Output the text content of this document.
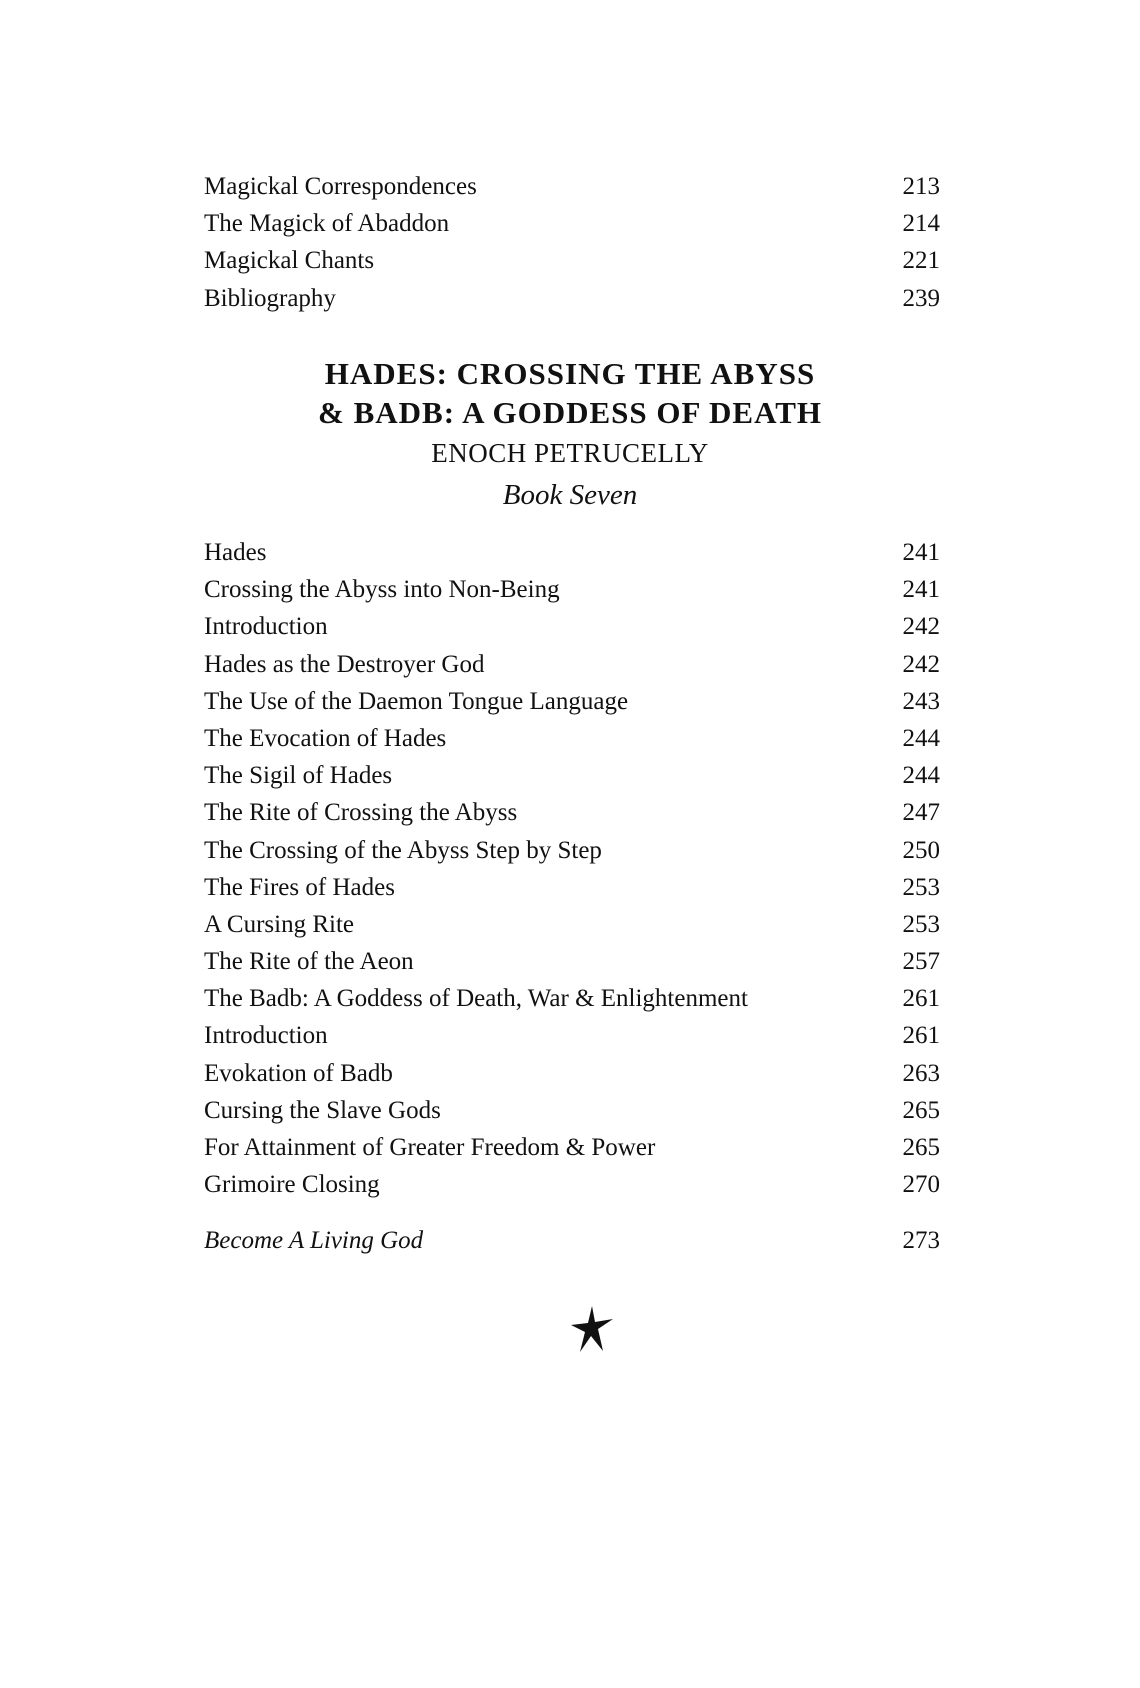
Magickal Correspondences	213
The Magick of Abaddon	214
Magickal Chants	221
Bibliography	239
HADES: CROSSING THE ABYSS
& BADB: A GODDESS OF DEATH
ENOCH PETRUCELLY
Book Seven
Hades	241
Crossing the Abyss into Non-Being	241
Introduction	242
Hades as the Destroyer God	242
The Use of the Daemon Tongue Language	243
The Evocation of Hades	244
The Sigil of Hades	244
The Rite of Crossing the Abyss	247
The Crossing of the Abyss Step by Step	250
The Fires of Hades	253
A Cursing Rite	253
The Rite of the Aeon	257
The Badb: A Goddess of Death, War & Enlightenment	261
Introduction	261
Evokation of Badb	263
Cursing the Slave Gods	265
For Attainment of Greater Freedom & Power	265
Grimoire Closing	270
Become A Living God	273
